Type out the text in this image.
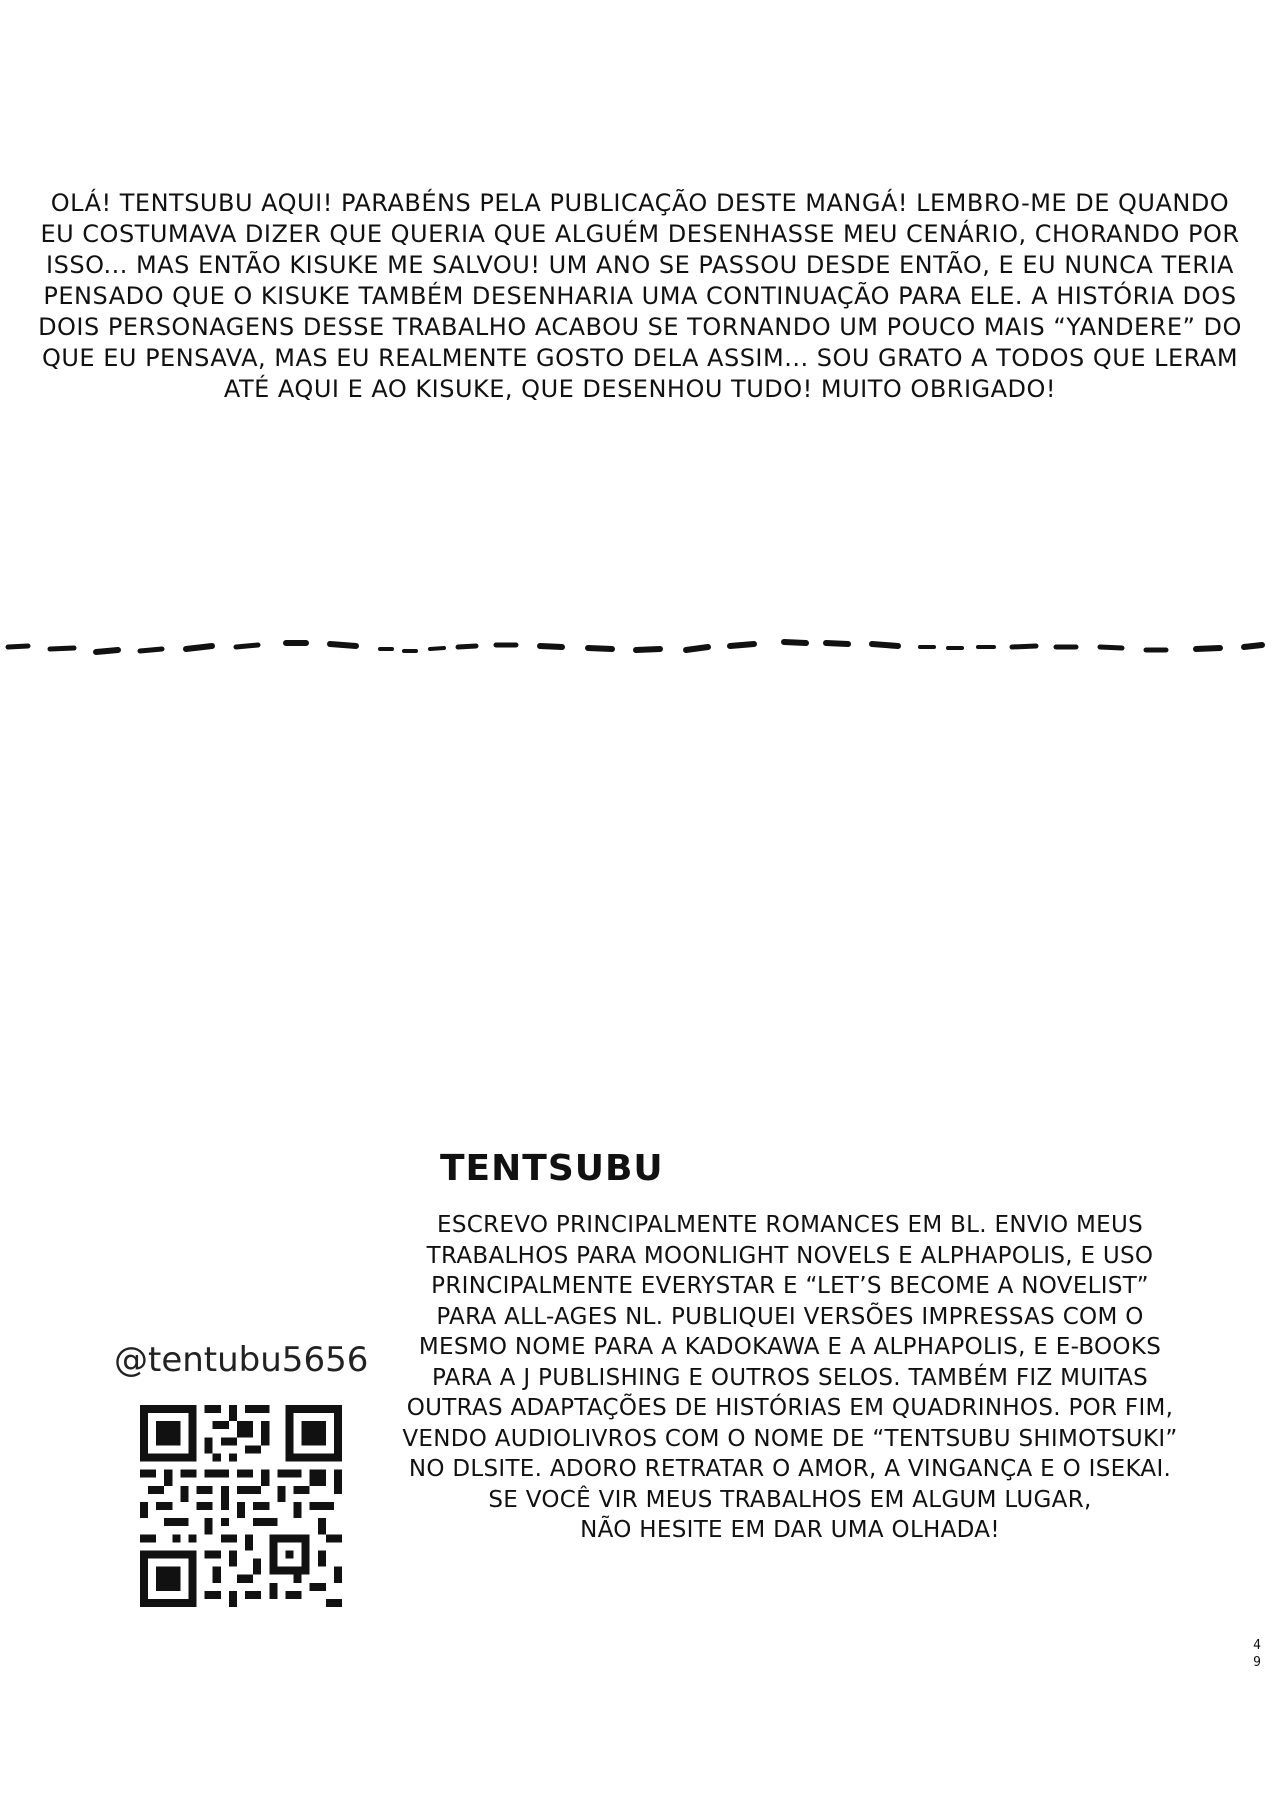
OLÁ! TENTSUBU AQUI! PARABÉNS PELA PUBLICAÇÃO DESTE MANGÁ! LEMBRO-ME DE QUANDO
EU COSTUMAVA DIZER QUE QUERIA QUE ALGUÉM DESENHASSE MEU CENÁRIO, CHORANDO POR
ISSO... MAS ENTÃO KISUKE ME SALVOU! UM ANO SE PASSOU DESDE ENTÃO, E EU NUNCA TERIA
PENSADO QUE O KISUKE TAMBÉM DESENHARIA UMA CONTINUAÇÃO PARA ELE. A HISTÓRIA DOS
DOIS PERSONAGENS DESSE TRABALHO ACABOU SE TORNANDO UM POUCO MAIS “YANDERE” DO
QUE EU PENSAVA, MAS EU REALMENTE GOSTO DELA ASSIM... SOU GRATO A TODOS QUE LERAM
ATÉ AQUI E AO KISUKE, QUE DESENHOU TUDO! MUITO OBRIGADO!
TENTSUBU
@tentubu5656
ESCREVO PRINCIPALMENTE ROMANCES EM BL. ENVIO MEUS
TRABALHOS PARA MOONLIGHT NOVELS E ALPHAPOLIS, E USO
PRINCIPALMENTE EVERYSTAR E “LET’S BECOME A NOVELIST”
PARA ALL-AGES NL. PUBLIQUEI VERSÕES IMPRESSAS COM O
MESMO NOME PARA A KADOKAWA E A ALPHAPOLIS, E E-BOOKS
PARA A J PUBLISHING E OUTROS SELOS. TAMBÉM FIZ MUITAS
OUTRAS ADAPTAÇÕES DE HISTÓRIAS EM QUADRINHOS. POR FIM,
VENDO AUDIOLIVROS COM O NOME DE “TENTSUBU SHIMOTSUKI”
NO DLSITE. ADORO RETRATAR O AMOR, A VINGANÇA E O ISEKAI.
SE VOCÊ VIR MEUS TRABALHOS EM ALGUM LUGAR,
NÃO HESITE EM DAR UMA OLHADA!
4
9
